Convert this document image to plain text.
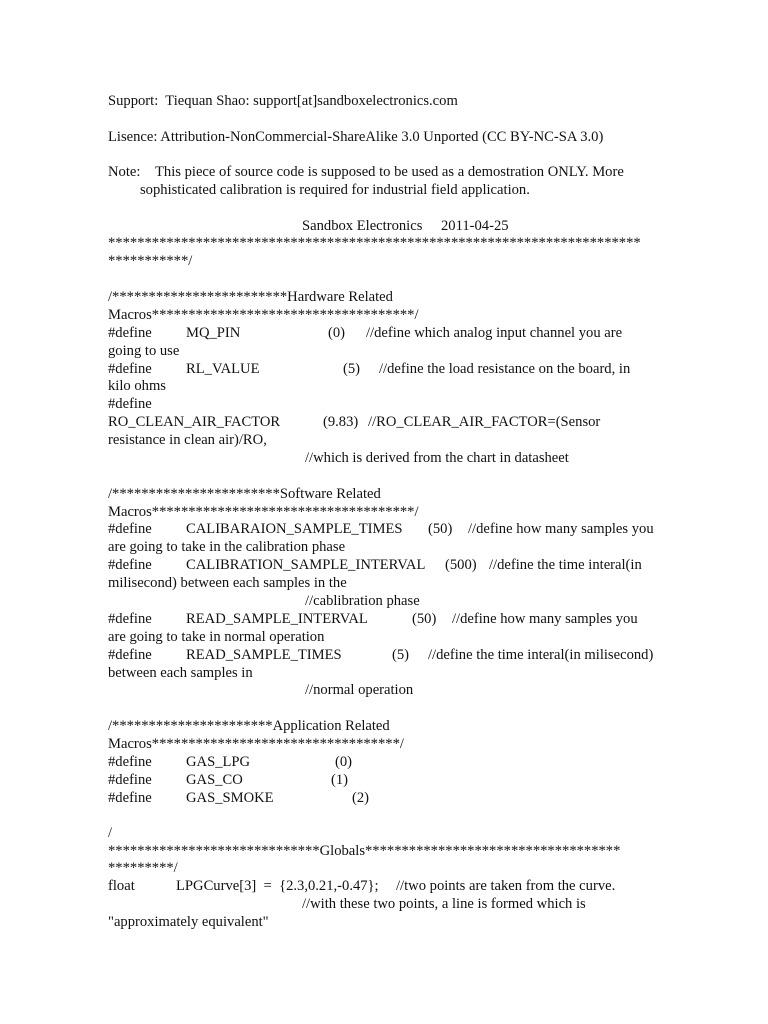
Support:  Tiequan Shao: support[at]sandboxelectronics.com
Lisence: Attribution-NonCommercial-ShareAlike 3.0 Unported (CC BY-NC-SA 3.0)
Note: This piece of source code is supposed to be used as a demostration ONLY. More
sophisticated calibration is required for industrial field application.
Sandbox Electronics 2011-04-25
*************************************************************************
***********/
/************************Hardware Related
Macros************************************/
#define MQ_PIN	(0) //define which analog input channel you are
going to use
#define RL_VALUE	(5) //define the load resistance on the board, in
kilo ohms
#define
RO_CLEAN_AIR_FACTOR	(9.83) //RO_CLEAR_AIR_FACTOR=(Sensor
resistance in clean air)/RO,
//which is derived from the chart in datasheet
/***********************Software Related
Macros************************************/
#define CALIBARAION_SAMPLE_TIMES (50) //define how many samples you
are going to take in the calibration phase
#define CALIBRATION_SAMPLE_INTERVAL (500) //define the time interal(in
milisecond) between each samples in the
//cablibration phase
#define READ_SAMPLE_INTERVAL	(50) //define how many samples you
are going to take in normal operation
#define READ_SAMPLE_TIMES	(5) //define the time interal(in milisecond)
between each samples in
//normal operation
/**********************Application Related
Macros**********************************/
#define GAS_LPG	(0)
#define GAS_CO	(1)
#define GAS_SMOKE	(2)
/
*****************************Globals***********************************
*********/
float	LPGCurve[3]  =  {2.3,0.21,-0.47}; //two points are taken from the curve.
//with these two points, a line is formed which is
"approximately equivalent"
